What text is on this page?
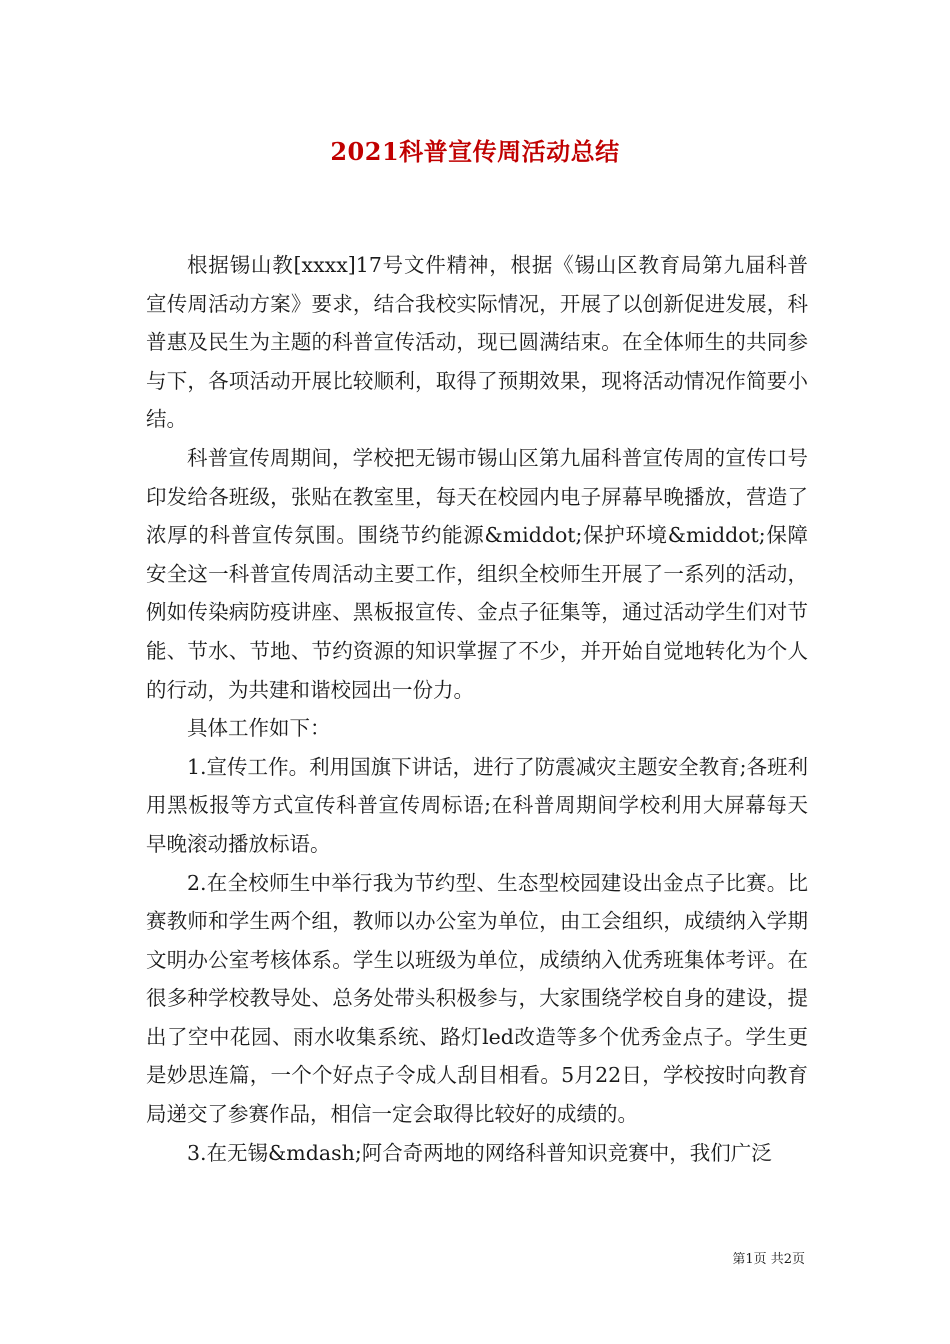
2021科普宣传周活动总结

根据锡山教[xxxx]17号文件精神，根据《锡山区教育局第九届科普宣传周活动方案》要求，结合我校实际情况，开展了以创新促进发展，科普惠及民生为主题的科普宣传活动，现已圆满结束。在全体师生的共同参与下，各项活动开展比较顺利，取得了预期效果，现将活动情况作简要小结。

科普宣传周期间，学校把无锡市锡山区第九届科普宣传周的宣传口号印发给各班级，张贴在教室里，每天在校园内电子屏幕早晚播放，营造了浓厚的科普宣传氛围。围绕节约能源&middot;保护环境&middot;保障安全这一科普宣传周活动主要工作，组织全校师生开展了一系列的活动，例如传染病防疫讲座、黑板报宣传、金点子征集等，通过活动学生们对节能、节水、节地、节约资源的知识掌握了不少，并开始自觉地转化为个人的行动，为共建和谐校园出一份力。

具体工作如下：

1.宣传工作。利用国旗下讲话，进行了防震减灾主题安全教育;各班利用黑板报等方式宣传科普宣传周标语;在科普周期间学校利用大屏幕每天早晚滚动播放标语。

2.在全校师生中举行我为节约型、生态型校园建设出金点子比赛。比赛教师和学生两个组，教师以办公室为单位，由工会组织，成绩纳入学期文明办公室考核体系。学生以班级为单位，成绩纳入优秀班集体考评。在很多种学校教导处、总务处带头积极参与，大家围绕学校自身的建设，提出了空中花园、雨水收集系统、路灯led改造等多个优秀金点子。学生更是妙思连篇，一个个好点子令成人刮目相看。5月22日，学校按时向教育局递交了参赛作品，相信一定会取得比较好的成绩的。

3.在无锡&mdash;阿合奇两地的网络科普知识竞赛中，我们广泛

第1页 共2页
